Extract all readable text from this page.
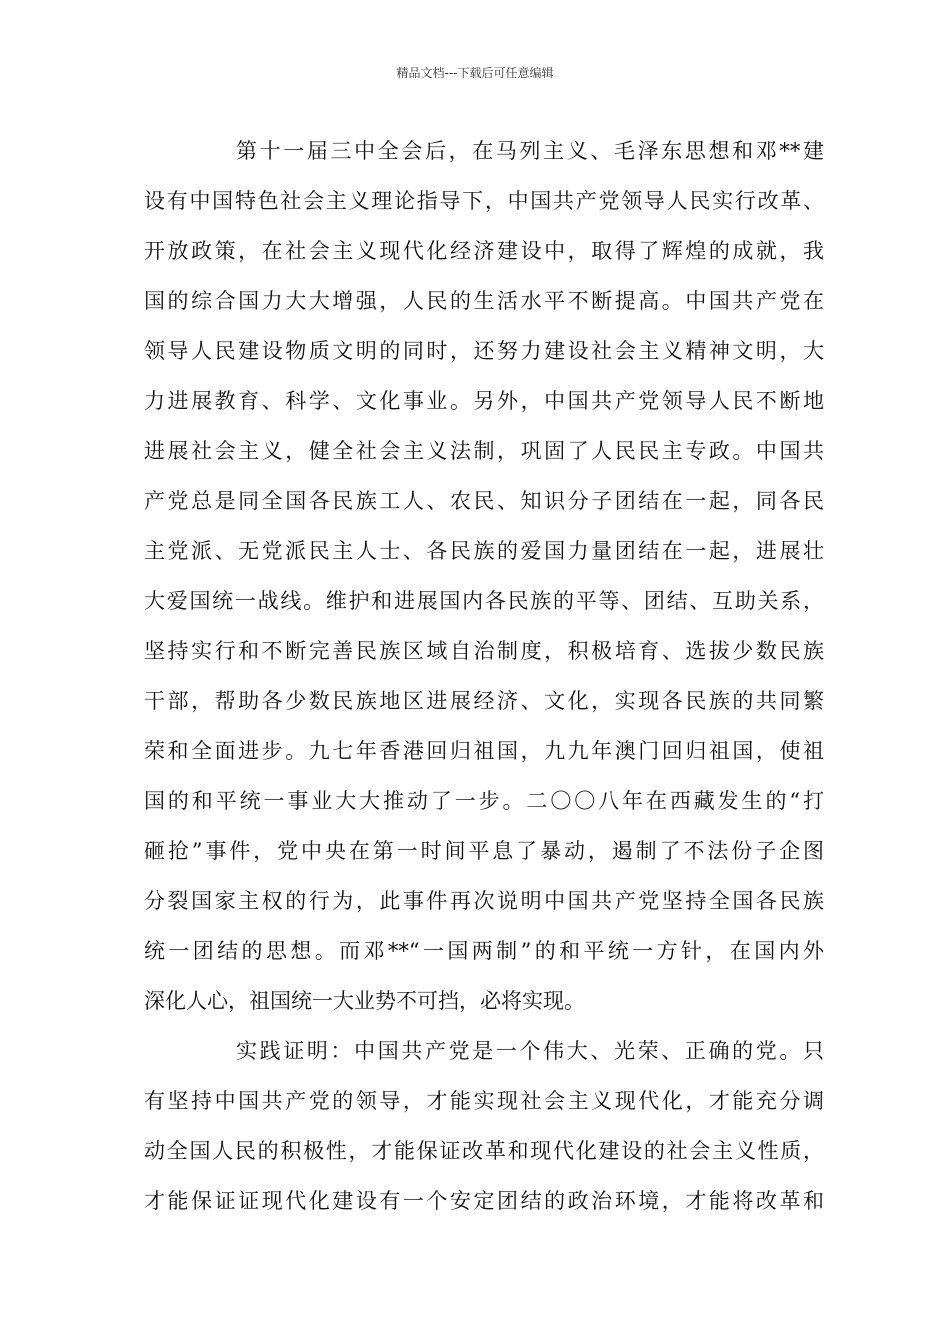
精品文档---下载后可任意编辑
第十一届三中全会后，在马列主义、毛泽东思想和邓**建
设有中国特色社会主义理论指导下，中国共产党领导人民实行改革、
开放政策，在社会主义现代化经济建设中，取得了辉煌的成就，我
国的综合国力大大增强，人民的生活水平不断提高。中国共产党在
领导人民建设物质文明的同时，还努力建设社会主义精神文明，大
力进展教育、科学、文化事业。另外，中国共产党领导人民不断地
进展社会主义，健全社会主义法制，巩固了人民民主专政。中国共
产党总是同全国各民族工人、农民、知识分子团结在一起，同各民
主党派、无党派民主人士、各民族的爱国力量团结在一起，进展壮
大爱国统一战线。维护和进展国内各民族的平等、团结、互助关系，
坚持实行和不断完善民族区域自治制度，积极培育、选拔少数民族
干部，帮助各少数民族地区进展经济、文化，实现各民族的共同繁
荣和全面进步。九七年香港回归祖国，九九年澳门回归祖国，使祖
国的和平统一事业大大推动了一步。二〇〇八年在西藏发生的“打
砸抢”事件，党中央在第一时间平息了暴动，遏制了不法份子企图
分裂国家主权的行为，此事件再次说明中国共产党坚持全国各民族
统一团结的思想。而邓**“一国两制”的和平统一方针，在国内外
深化人心，祖国统一大业势不可挡，必将实现。
实践证明：中国共产党是一个伟大、光荣、正确的党。只
有坚持中国共产党的领导，才能实现社会主义现代化，才能充分调
动全国人民的积极性，才能保证改革和现代化建设的社会主义性质，
才能保证证现代化建设有一个安定团结的政治环境，才能将改革和
